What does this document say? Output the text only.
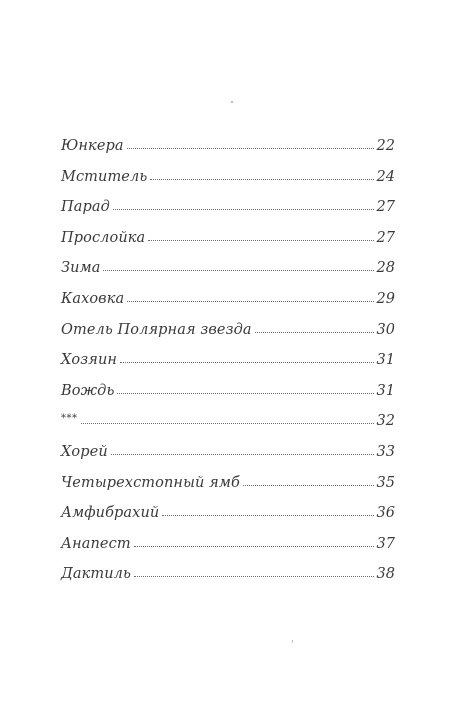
Юнкера	22
Мститель	24
Парад	27
Прослойка	27
Зима	28
Каховка	29
Отель Полярная звезда	30
Хозяин	31
Вождь	31
***	32
Хорей	33
Четырехстопный ямб	35
Амфибрахий	36
Анапест	37
Дактиль	38
